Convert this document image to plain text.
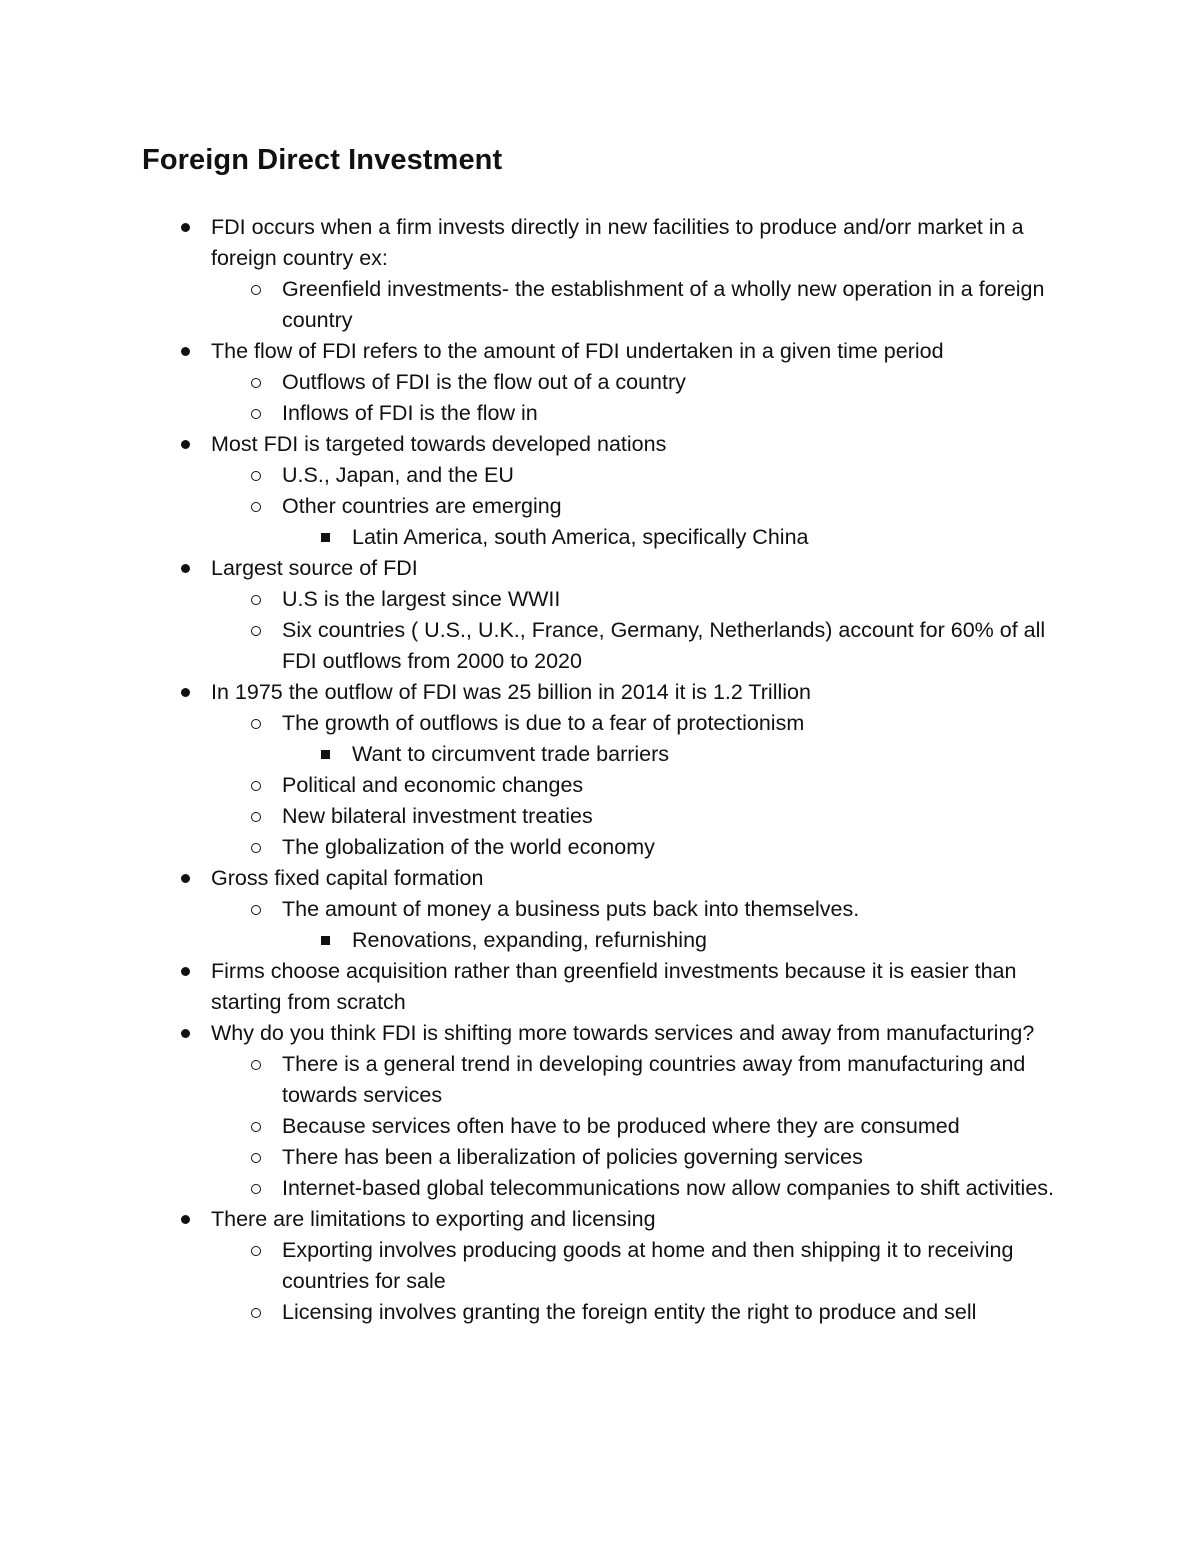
Foreign Direct Investment
FDI occurs when a firm invests directly in new facilities to produce and/orr market in a foreign country ex:
Greenfield investments- the establishment of a wholly new operation in a foreign country
The flow of FDI refers to the amount of FDI undertaken in a given time period
Outflows of FDI is the flow out of a country
Inflows of FDI is the flow in
Most FDI is targeted towards developed nations
U.S., Japan, and the EU
Other countries are emerging
Latin America, south America, specifically China
Largest source of FDI
U.S is the largest since WWII
Six countries ( U.S., U.K., France, Germany, Netherlands) account for 60% of all FDI outflows from 2000 to 2020
In 1975 the outflow of FDI was 25 billion in 2014 it is 1.2 Trillion
The growth of outflows is due to a fear of protectionism
Want to circumvent trade barriers
Political and economic changes
New bilateral investment treaties
The globalization of the world economy
Gross fixed capital formation
The amount of money a business puts back into themselves.
Renovations, expanding, refurnishing
Firms choose acquisition rather than greenfield investments because it is easier than starting from scratch
Why do you think FDI is shifting more towards services and away from manufacturing?
There is a general trend in developing countries away from manufacturing and towards services
Because services often have to be produced where they are consumed
There has been a liberalization of policies governing services
Internet-based global telecommunications now allow companies to shift activities.
There are limitations to exporting and licensing
Exporting involves producing goods at home and then shipping it to receiving countries for sale
Licensing involves granting the foreign entity the right to produce and sell
